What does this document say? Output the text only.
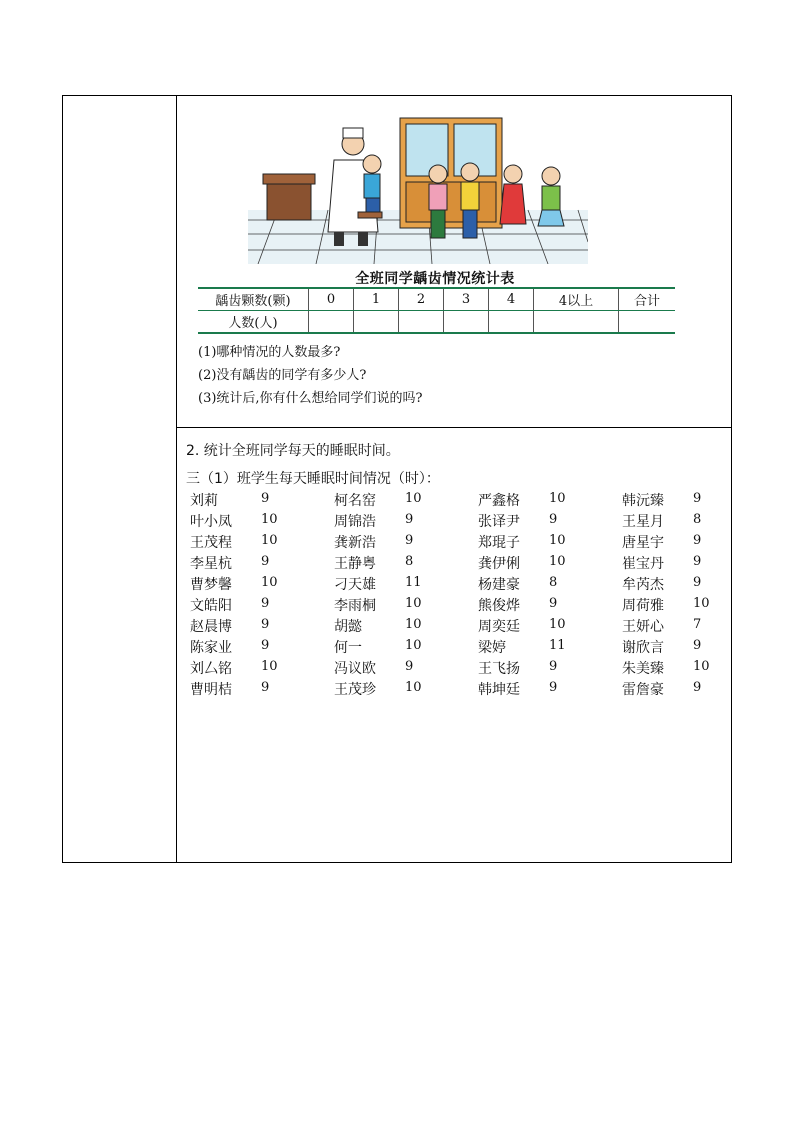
全班同学龋齿情况统计表
龋齿颗数(颗)	0	1	2	3	4	4以上	合计
人数(人)							
(1)哪种情况的人数最多?
(2)没有龋齿的同学有多少人?
(3)统计后,你有什么想给同学们说的吗?
2. 统计全班同学每天的睡眠时间。
三（1）班学生每天睡眠时间情况（时）：
刘莉	9	柯名窑 10	严鑫格 10	韩沅臻 9
叶小凤 10	周锦浩 9	张译尹 9	王星月 8
王茂程 10	龚新浩 9	郑琨子 10	唐星宇 9
李星杭 9	王静粤 8	龚伊俐 10	崔宝丹 9
曹梦馨 10	刁天雄 11	杨建豪 8	牟芮杰 9
文皓阳 9	李雨桐 10	熊俊烨 9	周荷雅 10
赵晨博 9	胡懿	10	周奕廷 10	王妍心 7
陈家业 9	何一	10	梁婷	11	谢欣言 9
刘厶铭 10	冯议欧 9	王飞扬 9	朱美臻 10
曹明桔 9	王茂珍 10	韩坤廷 9	雷詹豪 9
